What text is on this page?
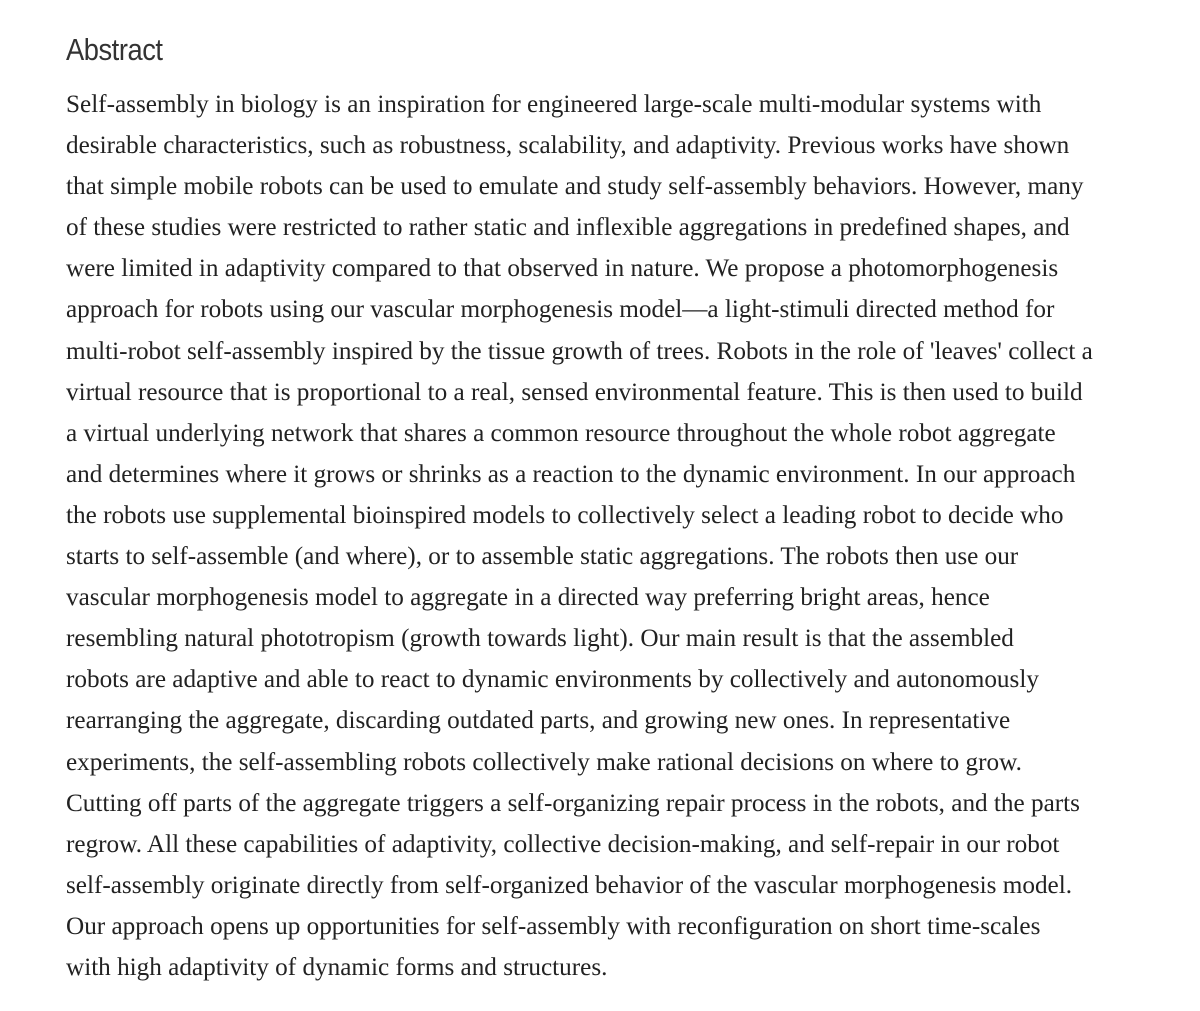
Abstract

Self-assembly in biology is an inspiration for engineered large-scale multi-modular systems with
desirable characteristics, such as robustness, scalability, and adaptivity. Previous works have shown
that simple mobile robots can be used to emulate and study self-assembly behaviors. However, many
of these studies were restricted to rather static and inflexible aggregations in predefined shapes, and
were limited in adaptivity compared to that observed in nature. We propose a photomorphogenesis
approach for robots using our vascular morphogenesis model—a light-stimuli directed method for
multi-robot self-assembly inspired by the tissue growth of trees. Robots in the role of 'leaves' collect a
virtual resource that is proportional to a real, sensed environmental feature. This is then used to build
a virtual underlying network that shares a common resource throughout the whole robot aggregate
and determines where it grows or shrinks as a reaction to the dynamic environment. In our approach
the robots use supplemental bioinspired models to collectively select a leading robot to decide who
starts to self-assemble (and where), or to assemble static aggregations. The robots then use our
vascular morphogenesis model to aggregate in a directed way preferring bright areas, hence
resembling natural phototropism (growth towards light). Our main result is that the assembled
robots are adaptive and able to react to dynamic environments by collectively and autonomously
rearranging the aggregate, discarding outdated parts, and growing new ones. In representative
experiments, the self-assembling robots collectively make rational decisions on where to grow.
Cutting off parts of the aggregate triggers a self-organizing repair process in the robots, and the parts
regrow. All these capabilities of adaptivity, collective decision-making, and self-repair in our robot
self-assembly originate directly from self-organized behavior of the vascular morphogenesis model.
Our approach opens up opportunities for self-assembly with reconfiguration on short time-scales
with high adaptivity of dynamic forms and structures.
